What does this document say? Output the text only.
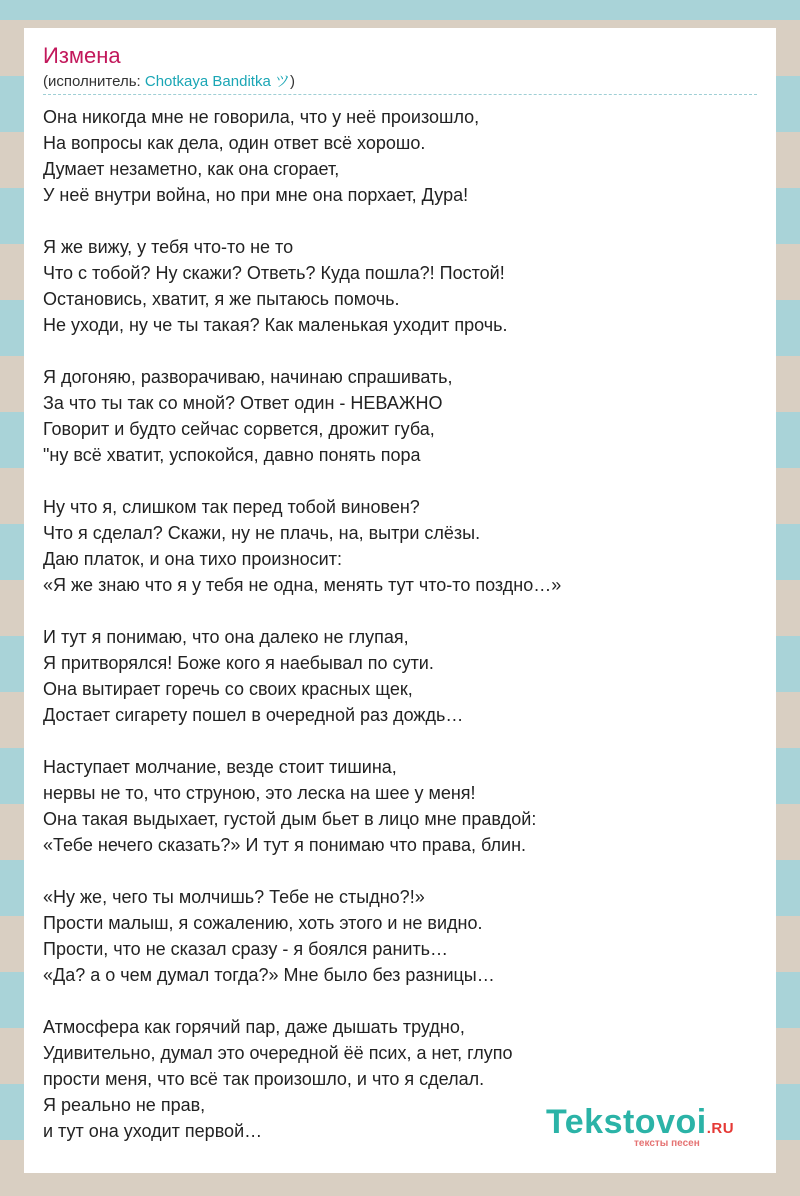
Измена
(исполнитель: Chotkaya Banditka ツ)
Она никогда мне не говорила, что у неё произошло,
На вопросы как дела, один ответ всё хорошо.
Думает незаметно, как она сгорает,
У неё внутри война, но при мне она порхает, Дура!
Я же вижу, у тебя что-то не то
Что с тобой? Ну скажи? Ответь? Куда пошла?! Постой!
Остановись, хватит, я же пытаюсь помочь.
Не уходи, ну че ты такая? Как маленькая уходит прочь.
Я догоняю, разворачиваю, начинаю спрашивать,
За что ты так со мной? Ответ один - НЕВАЖНО
Говорит и будто сейчас сорвется, дрожит губа,
"ну всё хватит, успокойся, давно понять пора
Ну что я, слишком так перед тобой виновен?
Что я сделал? Скажи, ну не плачь, на, вытри слёзы.
Даю платок, и она тихо произносит:
«Я же знаю что я у тебя не одна, менять тут что-то поздно…»
И тут я понимаю, что она далеко не глупая,
Я притворялся! Боже кого я наебывал по сути.
Она вытирает горечь со своих красных щек,
Достает сигарету пошел в очередной раз дождь…
Наступает молчание, везде стоит тишина,
нервы не то, что струною, это леска на шее у меня!
Она такая выдыхает, густой дым бьет в лицо мне правдой:
«Тебе нечего сказать?» И тут я понимаю что права, блин.
«Ну же, чего ты молчишь? Тебе не стыдно?!»
Прости малыш, я сожалению, хоть этого и не видно.
Прости, что не сказал сразу - я боялся ранить…
«Да? а о чем думал тогда?» Мне было без разницы…
Атмосфера как горячий пар, даже дышать трудно,
Удивительно, думал это очередной ёё псих, а нет, глупо
прости меня, что всё так произошло, и что я сделал.
Я реально не прав,
и тут она уходит первой…	Tekstovoi.RU
тексты песен
